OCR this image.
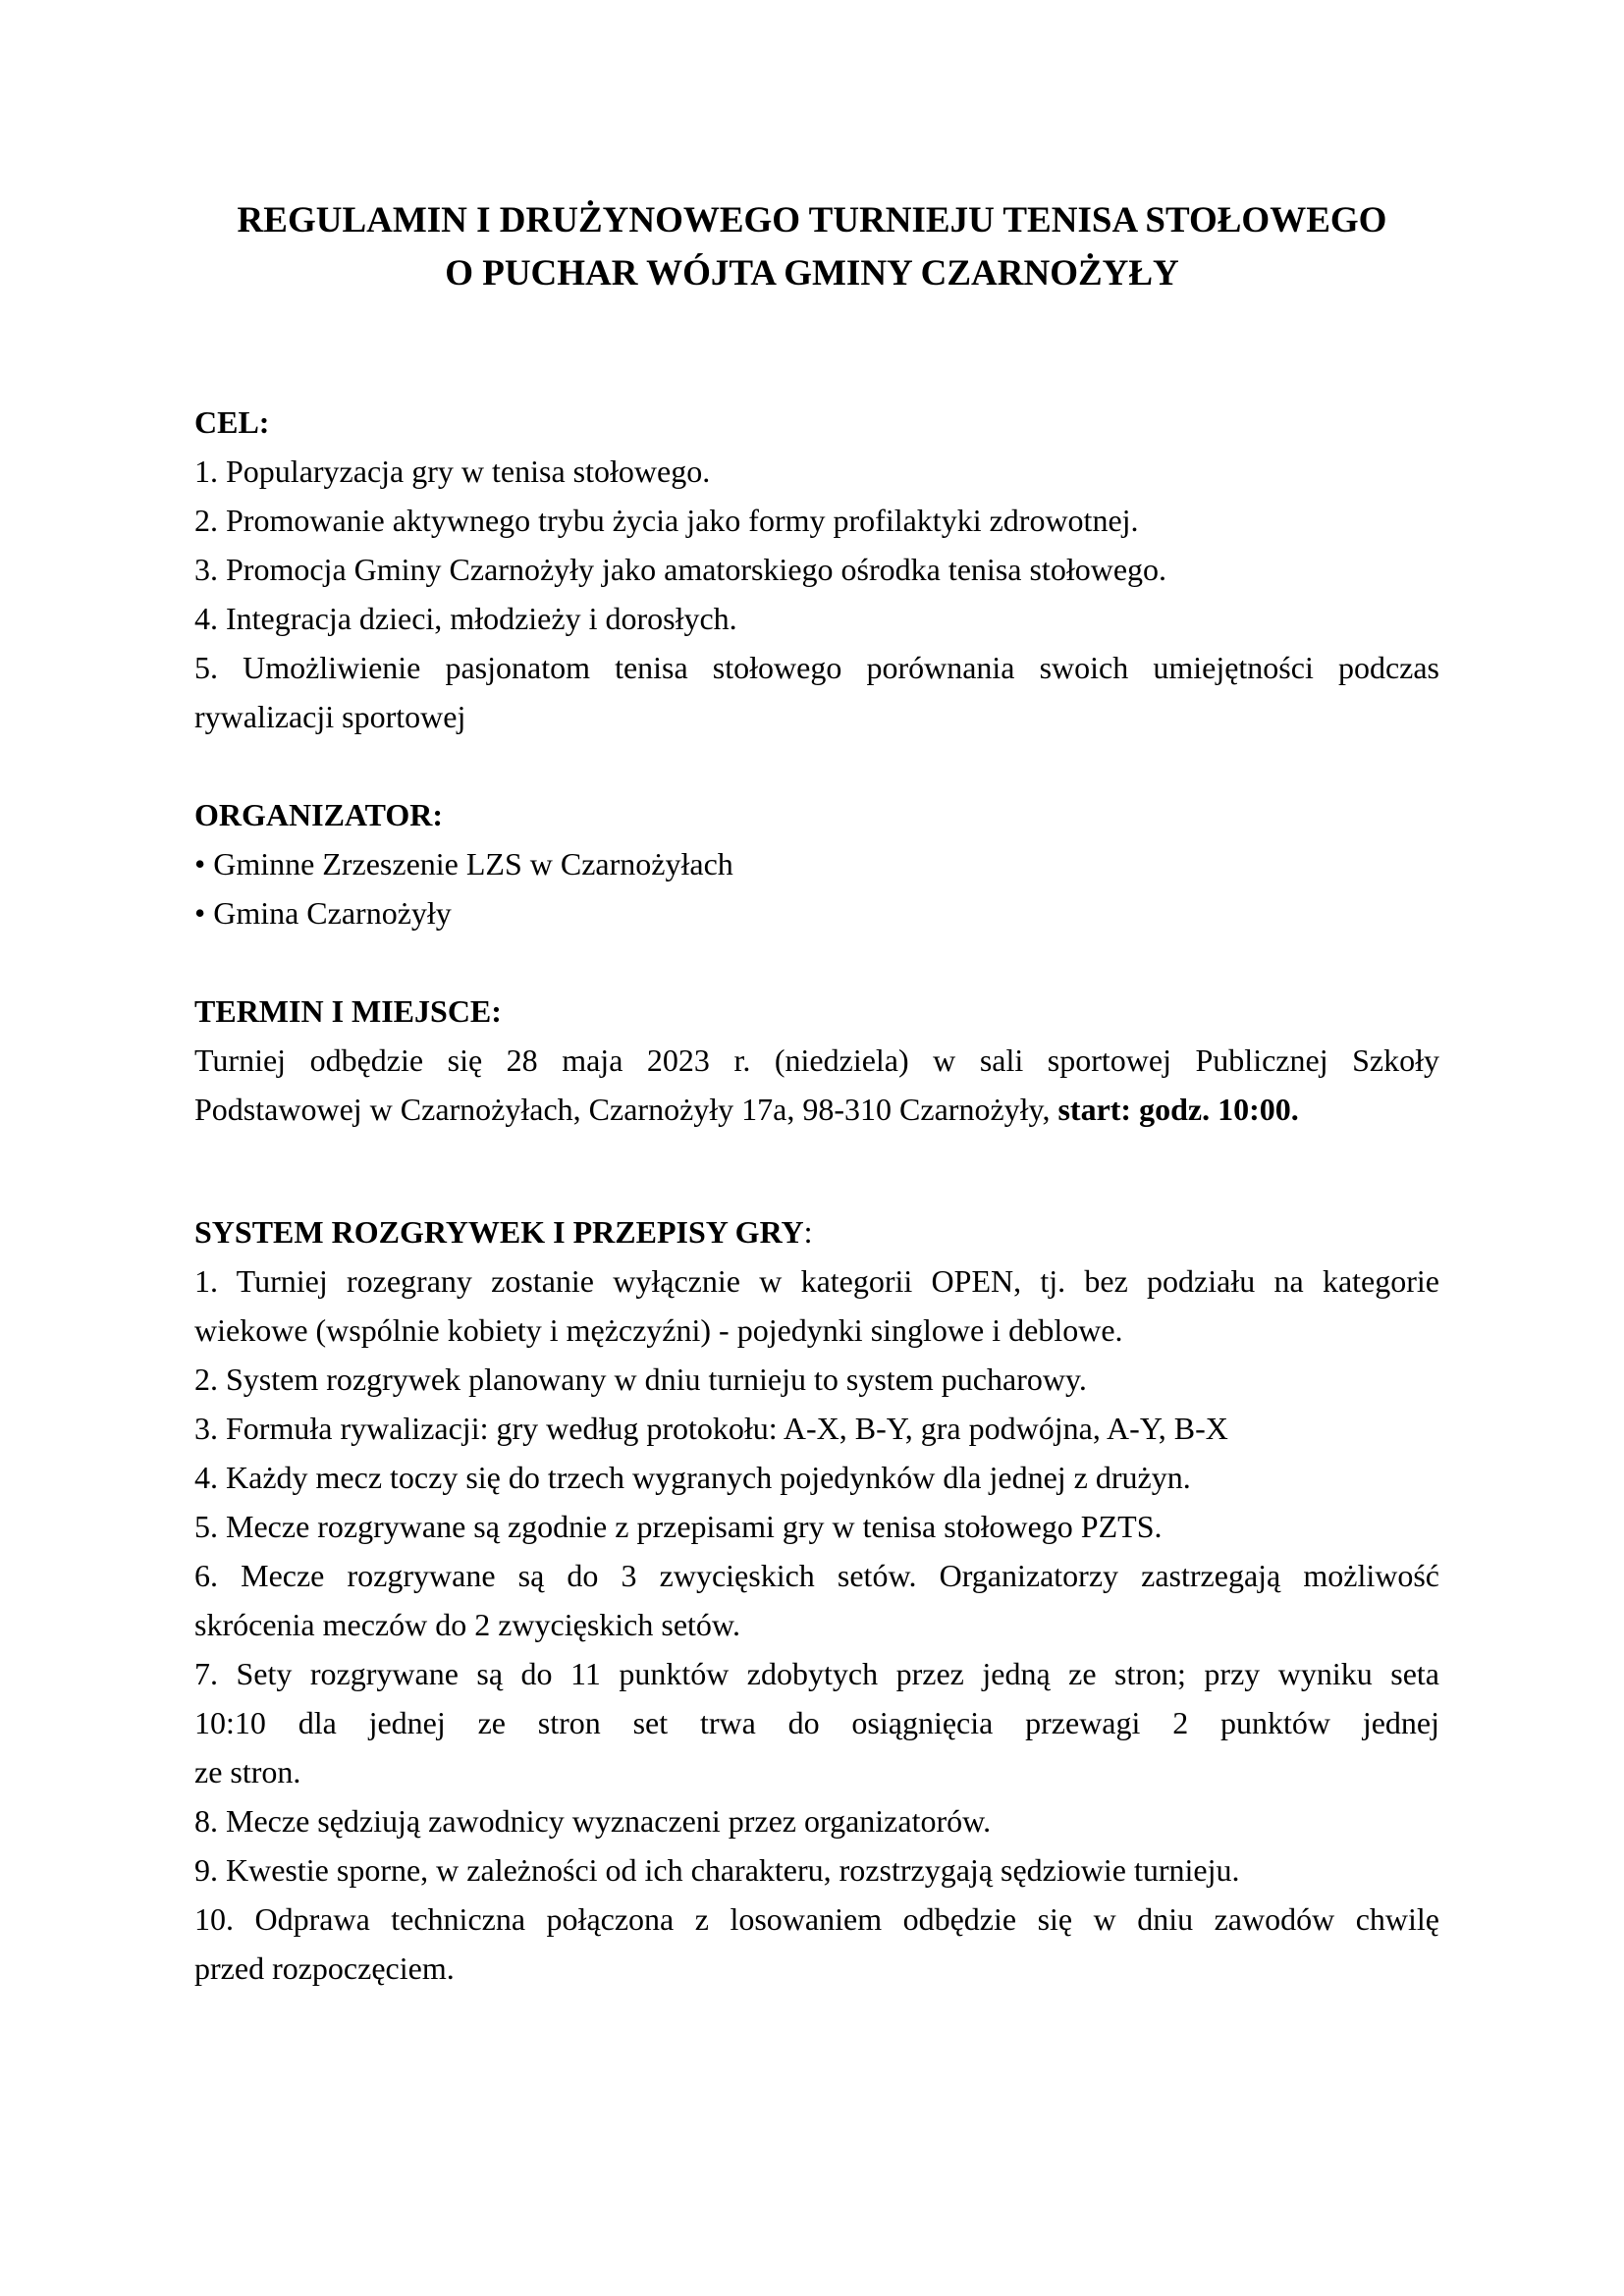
REGULAMIN I DRUŻYNOWEGO TURNIEJU TENISA STOŁOWEGO
O PUCHAR WÓJTA GMINY CZARNOŻYŁY
CEL:
1. Popularyzacja gry w tenisa stołowego.
2. Promowanie aktywnego trybu życia jako formy profilaktyki zdrowotnej.
3. Promocja Gminy Czarnożyły jako amatorskiego ośrodka tenisa stołowego.
4. Integracja dzieci, młodzieży i dorosłych.
5. Umożliwienie pasjonatom tenisa stołowego porównania swoich umiejętności podczas
rywalizacji sportowej
ORGANIZATOR:
• Gminne Zrzeszenie LZS w Czarnożyłach
• Gmina Czarnożyły
TERMIN I MIEJSCE:
Turniej odbędzie się 28 maja 2023 r. (niedziela) w sali sportowej Publicznej Szkoły
Podstawowej w Czarnożyłach, Czarnożyły 17a, 98-310 Czarnożyły, start: godz. 10:00.
SYSTEM ROZGRYWEK I PRZEPISY GRY:
1. Turniej rozegrany zostanie wyłącznie w kategorii OPEN, tj. bez podziału na kategorie
wiekowe (wspólnie kobiety i mężczyźni) - pojedynki singlowe i deblowe.
2. System rozgrywek planowany w dniu turnieju to system pucharowy.
3. Formuła rywalizacji: gry według protokołu: A-X, B-Y, gra podwójna, A-Y, B-X
4. Każdy mecz toczy się do trzech wygranych pojedynków dla jednej z drużyn.
5. Mecze rozgrywane są zgodnie z przepisami gry w tenisa stołowego PZTS.
6. Mecze rozgrywane są do 3 zwycięskich setów. Organizatorzy zastrzegają możliwość
skrócenia meczów do 2 zwycięskich setów.
7. Sety rozgrywane są do 11 punktów zdobytych przez jedną ze stron; przy wyniku seta
10:10 dla jednej ze stron set trwa do osiągnięcia przewagi 2 punktów jednej
ze stron.
8. Mecze sędziują zawodnicy wyznaczeni przez organizatorów.
9. Kwestie sporne, w zależności od ich charakteru, rozstrzygają sędziowie turnieju.
10. Odprawa techniczna połączona z losowaniem odbędzie się w dniu zawodów chwilę
przed rozpoczęciem.
